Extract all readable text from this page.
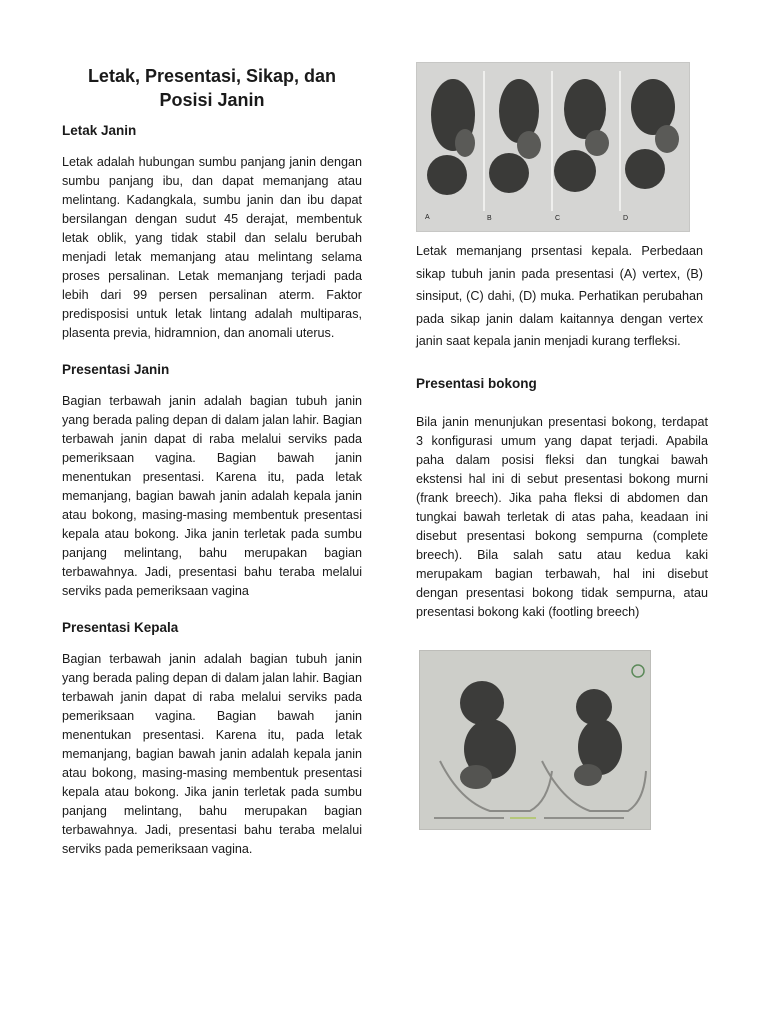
Letak, Presentasi, Sikap, dan Posisi Janin
Letak Janin

Letak adalah hubungan sumbu panjang janin dengan sumbu panjang ibu, dan dapat memanjang atau melintang. Kadangkala, sumbu janin dan ibu dapat bersilangan dengan sudut 45 derajat, membentuk letak oblik, yang tidak stabil dan selalu berubah menjadi letak memanjang atau melintang selama proses persalinan. Letak memanjang terjadi pada lebih dari 99 persen persalinan aterm. Faktor predisposisi untuk letak lintang adalah multiparas, plasenta previa, hidramnion, dan anomali uterus.

Presentasi Janin

Bagian terbawah janin adalah bagian tubuh janin yang berada paling depan di dalam jalan lahir. Bagian terbawah janin dapat di raba melalui serviks pada pemeriksaan vagina. Bagian bawah janin menentukan presentasi. Karena itu, pada letak memanjang, bagian bawah janin adalah kepala janin atau bokong, masing-masing membentuk presentasi kepala atau bokong. Jika janin terletak pada sumbu panjang melintang, bahu merupakan bagian terbawahnya. Jadi, presentasi bahu teraba melalui serviks pada pemeriksaan vagina

Presentasi Kepala

Bagian terbawah janin adalah bagian tubuh janin yang berada paling depan di dalam jalan lahir. Bagian terbawah janin dapat di raba melalui serviks pada pemeriksaan vagina. Bagian bawah janin menentukan presentasi. Karena itu, pada letak memanjang, bagian bawah janin adalah kepala janin atau bokong, masing-masing membentuk presentasi kepala atau bokong. Jika janin terletak pada sumbu panjang melintang, bahu merupakan bagian terbawahnya. Jadi, presentasi bahu teraba melalui serviks pada pemeriksaan vagina.

A	B	C	D

Letak memanjang prsentasi kepala. Perbedaan sikap tubuh janin pada presentasi (A) vertex, (B) sinsiput, (C) dahi, (D) muka. Perhatikan perubahan pada sikap janin dalam kaitannya dengan vertex janin saat kepala janin menjadi kurang terfleksi.

Presentasi bokong

Bila janin menunjukan presentasi bokong, terdapat 3 konfigurasi umum yang dapat terjadi. Apabila paha dalam posisi fleksi dan tungkai bawah ekstensi hal ini di sebut presentasi bokong murni (frank breech). Jika paha fleksi di abdomen dan tungkai bawah terletak di atas paha, keadaan ini disebut presentasi bokong sempurna (complete breech). Bila salah satu atau kedua kaki merupakam bagian terbawah, hal ini disebut dengan presentasi bokong tidak sempurna, atau presentasi bokong kaki (footling breech)
